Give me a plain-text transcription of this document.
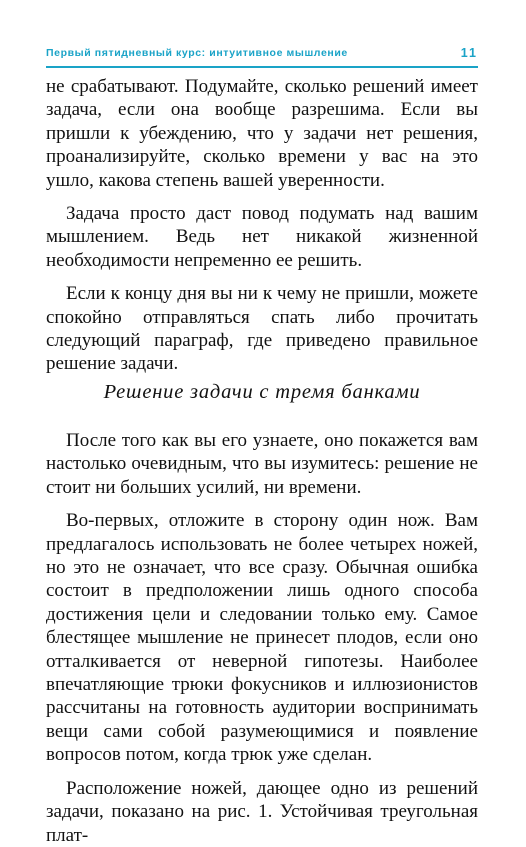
Первый пятидневный курс: интуитивное мышление	11

не срабатывают. Подумайте, сколько решений имеет задача, если она вообще разрешима. Если вы пришли к убеждению, что у задачи нет решения, проанализируйте, сколько времени у вас на это ушло, какова степень вашей уверенности.

Задача просто даст повод подумать над вашим мышлением. Ведь нет никакой жизненной необходимости непременно ее решить.

Если к концу дня вы ни к чему не пришли, можете спокойно отправляться спать либо прочитать следующий параграф, где приведено правильное решение задачи.

Решение задачи с тремя банками

После того как вы его узнаете, оно покажется вам настолько очевидным, что вы изумитесь: решение не стоит ни больших усилий, ни времени.

Во-первых, отложите в сторону один нож. Вам предлагалось использовать не более четырех ножей, но это не означает, что все сразу. Обычная ошибка состоит в предположении лишь одного способа достижения цели и следовании только ему. Самое блестящее мышление не принесет плодов, если оно отталкивается от неверной гипотезы. Наиболее впечатляющие трюки фокусников и иллюзионистов рассчитаны на готовность аудитории воспринимать вещи сами собой разумеющимися и появление вопросов потом, когда трюк уже сделан.

Расположение ножей, дающее одно из решений задачи, показано на рис. 1. Устойчивая треугольная плат-
